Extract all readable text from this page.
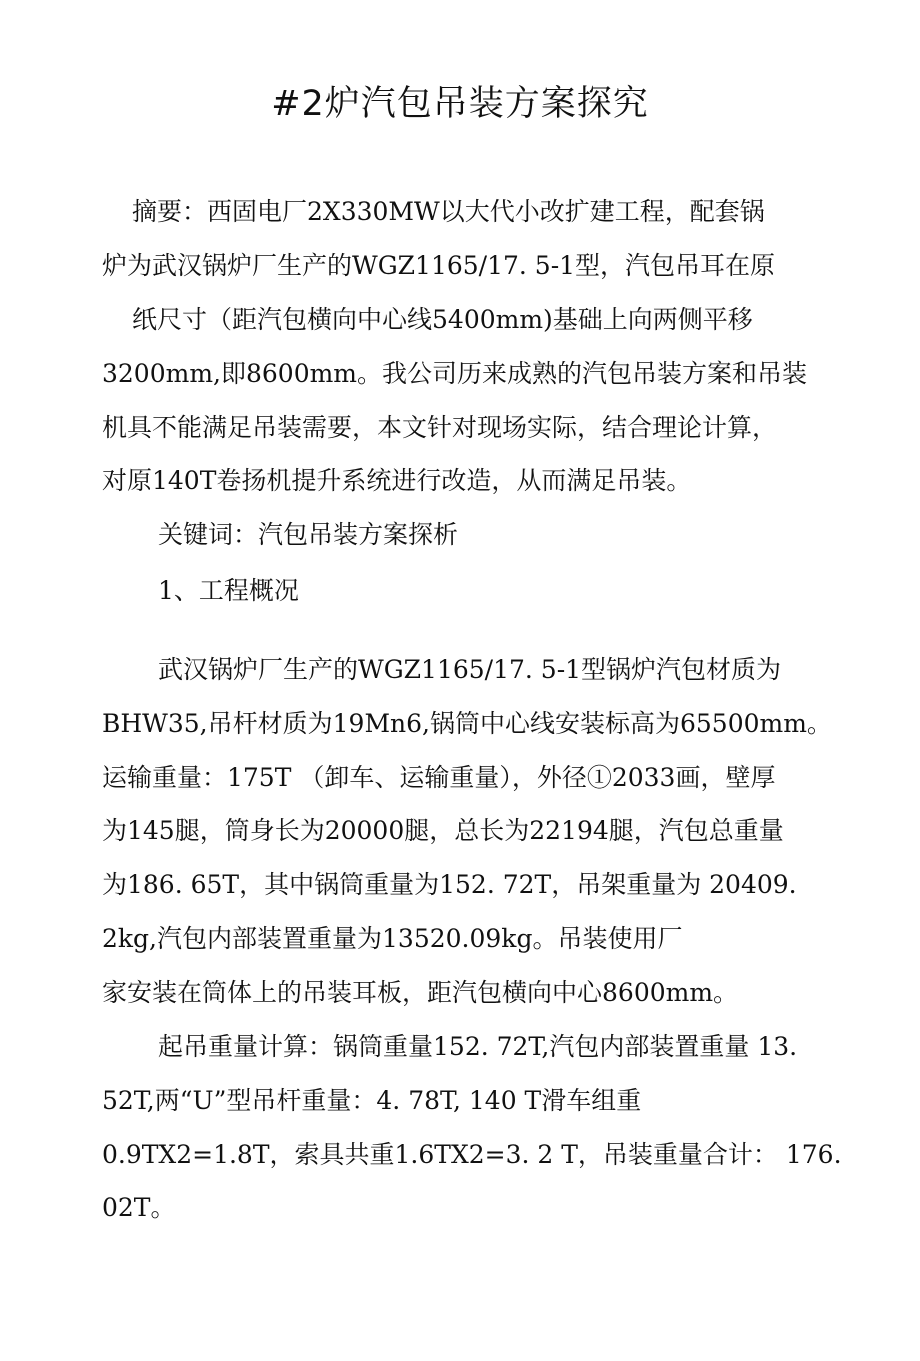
#2炉汽包吊装方案探究
摘要：西固电厂2X330MW以大代小改扩建工程，配套锅
炉为武汉锅炉厂生产的WGZ1165/17. 5-1型，汽包吊耳在原
纸尺寸（距汽包横向中心线5400mm)基础上向两侧平移
3200mm,即8600mm。我公司历来成熟的汽包吊装方案和吊装
机具不能满足吊装需要，本文针对现场实际，结合理论计算，
对原140T卷扬机提升系统进行改造，从而满足吊装。
关键词：汽包吊装方案探析
1、工程概况
武汉锅炉厂生产的WGZ1165/17. 5-1型锅炉汽包材质为
BHW35,吊杆材质为19Mn6,锅筒中心线安装标高为65500mm。
运输重量：175T （卸车、运输重量），外径①2033画，壁厚
为145腿，筒身长为20000腿，总长为22194腿，汽包总重量
为186. 65T，其中锅筒重量为152. 72T，吊架重量为 20409.
2kg,汽包内部装置重量为13520.09kg。吊装使用厂
家安装在筒体上的吊装耳板，距汽包横向中心8600mm。
起吊重量计算：锅筒重量152. 72T,汽包内部装置重量 13.
52T,两“U”型吊杆重量：4. 78T, 140 T滑车组重
0.9TX2=1.8T，索具共重1.6TX2=3. 2 T，吊装重量合计： 176.
02T。
